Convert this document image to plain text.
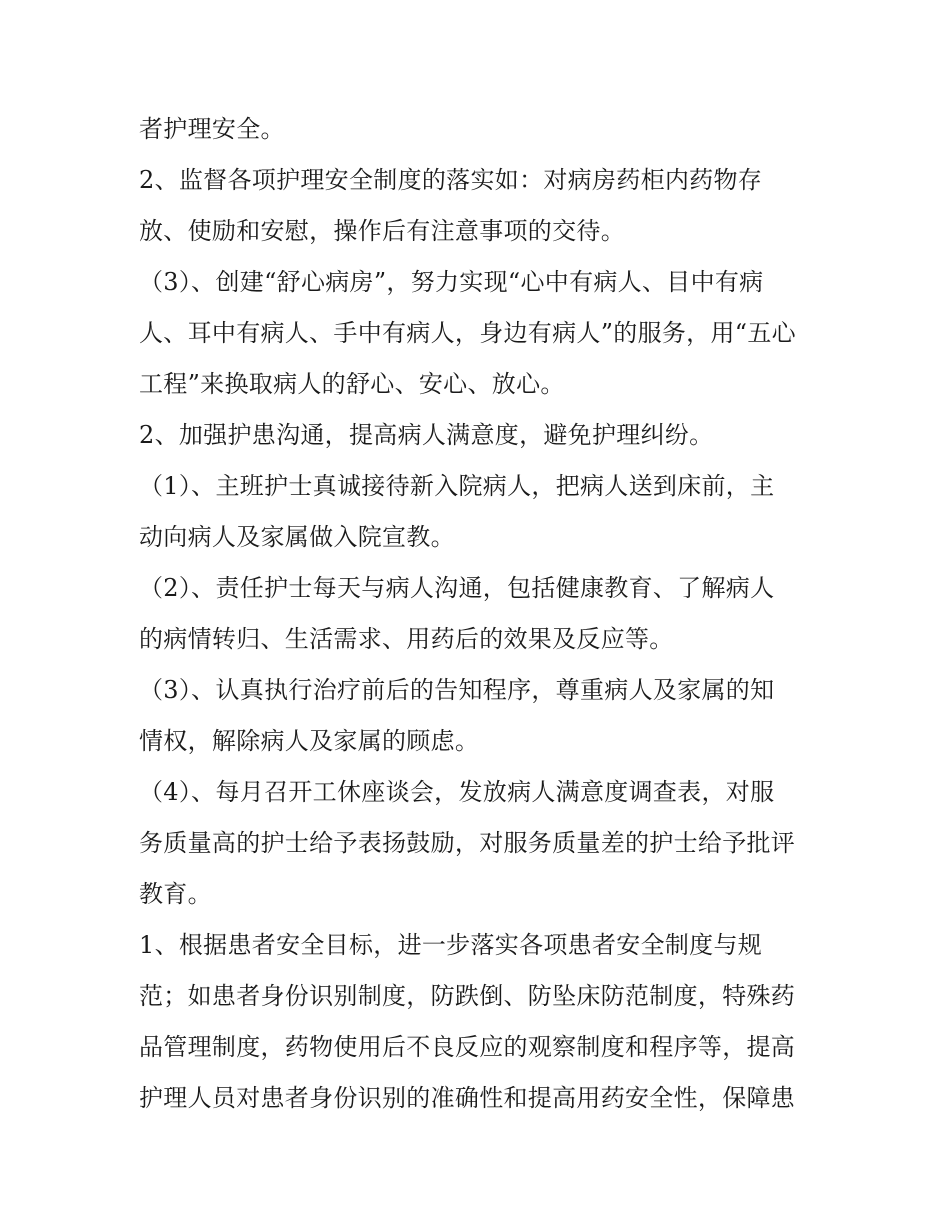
者护理安全。
2、监督各项护理安全制度的落实如：对病房药柜内药物存
放、使励和安慰，操作后有注意事项的交待。
（3）、创建“舒心病房”，努力实现“心中有病人、目中有病
人、耳中有病人、手中有病人，身边有病人”的服务，用“五心
工程”来换取病人的舒心、安心、放心。
2、加强护患沟通，提高病人满意度，避免护理纠纷。
（1）、主班护士真诚接待新入院病人，把病人送到床前，主
动向病人及家属做入院宣教。
（2）、责任护士每天与病人沟通，包括健康教育、了解病人
的病情转归、生活需求、用药后的效果及反应等。
（3）、认真执行治疗前后的告知程序，尊重病人及家属的知
情权，解除病人及家属的顾虑。
（4）、每月召开工休座谈会，发放病人满意度调查表，对服
务质量高的护士给予表扬鼓励，对服务质量差的护士给予批评
教育。
1、根据患者安全目标，进一步落实各项患者安全制度与规
范；如患者身份识别制度，防跌倒、防坠床防范制度，特殊药
品管理制度，药物使用后不良反应的观察制度和程序等，提高
护理人员对患者身份识别的准确性和提高用药安全性，保障患
